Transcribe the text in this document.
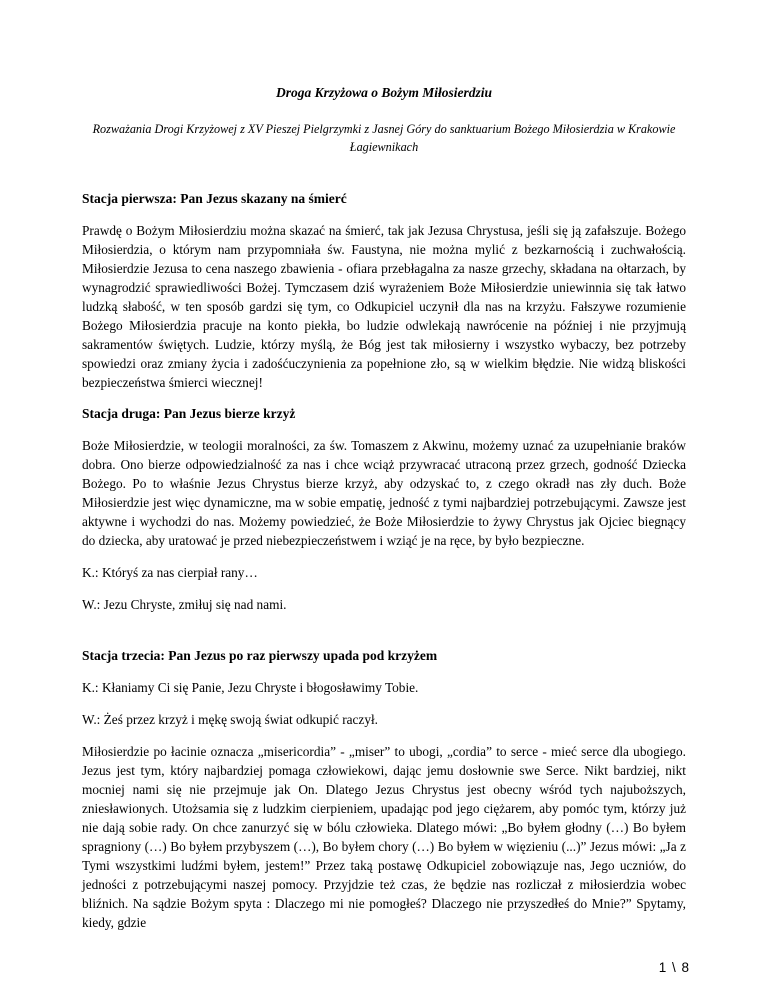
Droga Krzyżowa o Bożym Miłosierdziu
Rozważania Drogi Krzyżowej z XV Pieszej Pielgrzymki z Jasnej Góry do sanktuarium Bożego Miłosierdzia w Krakowie Łagiewnikach
Stacja pierwsza: Pan Jezus skazany na śmierć

Prawdę o Bożym Miłosierdziu można skazać na śmierć, tak jak Jezusa Chrystusa, jeśli się ją zafałszuje. Bożego Miłosierdzia, o którym nam przypomniała św. Faustyna, nie można mylić z bezkarnością i zuchwałością. Miłosierdzie Jezusa to cena naszego zbawienia - ofiara przebłagalna za nasze grzechy, składana na ołtarzach, by wynagrodzić sprawiedliwości Bożej. Tymczasem dziś wyrażeniem Boże Miłosierdzie uniewinnia się tak łatwo ludzką słabość, w ten sposób gardzi się tym, co Odkupiciel uczynił dla nas na krzyżu. Fałszywe rozumienie Bożego Miłosierdzia pracuje na konto piekła, bo ludzie odwlekają nawrócenie na później i nie przyjmują sakramentów świętych. Ludzie, którzy myślą, że Bóg jest tak miłosierny i wszystko wybaczy, bez potrzeby spowiedzi oraz zmiany życia i zadośćuczynienia za popełnione zło, są w wielkim błędzie. Nie widzą bliskości bezpieczeństwa śmierci wiecznej!

Stacja druga: Pan Jezus bierze krzyż

Boże Miłosierdzie, w teologii moralności, za św. Tomaszem z Akwinu, możemy uznać za uzupełnianie braków dobra. Ono bierze odpowiedzialność za nas i chce wciąż przywracać utraconą przez grzech, godność Dziecka Bożego. Po to właśnie Jezus Chrystus bierze krzyż, aby odzyskać to, z czego okradł nas zły duch. Boże Miłosierdzie jest więc dynamiczne, ma w sobie empatię, jedność z tymi najbardziej potrzebującymi. Zawsze jest aktywne i wychodzi do nas. Możemy powiedzieć, że Boże Miłosierdzie to żywy Chrystus jak Ojciec biegnący do dziecka, aby uratować je przed niebezpieczeństwem i wziąć je na ręce, by było bezpieczne.

K.: Któryś za nas cierpiał rany…

W.: Jezu Chryste, zmiłuj się nad nami.

Stacja trzecia: Pan Jezus po raz pierwszy upada pod krzyżem

K.: Kłaniamy Ci się Panie, Jezu Chryste i błogosławimy Tobie.

W.: Żeś przez krzyż i mękę swoją świat odkupić raczył.

Miłosierdzie po łacinie oznacza „misericordia” - „miser” to ubogi, „cordia” to serce - mieć serce dla ubogiego. Jezus jest tym, który najbardziej pomaga człowiekowi, dając jemu dosłownie swe Serce. Nikt bardziej, nikt mocniej nami się nie przejmuje jak On. Dlatego Jezus Chrystus jest obecny wśród tych najuboższych, zniesławionych. Utożsamia się z ludzkim cierpieniem, upadając pod jego ciężarem, aby pomóc tym, którzy już nie dają sobie rady. On chce zanurzyć się w bólu człowieka. Dlatego mówi: „Bo byłem głodny (…) Bo byłem spragniony (…) Bo byłem przybyszem (…), Bo byłem chory (…) Bo byłem w więzieniu (...)” Jezus mówi: „Ja z Tymi wszystkimi ludźmi byłem, jestem!” Przez taką postawę Odkupiciel zobowiązuje nas, Jego uczniów, do jedności z potrzebującymi naszej pomocy. Przyjdzie też czas, że będzie nas rozliczał z miłosierdzia wobec bliźnich. Na sądzie Bożym spyta : Dlaczego mi nie pomogłeś? Dlaczego nie przyszedłeś do Mnie?” Spytamy, kiedy, gdzie

1 \ 8
